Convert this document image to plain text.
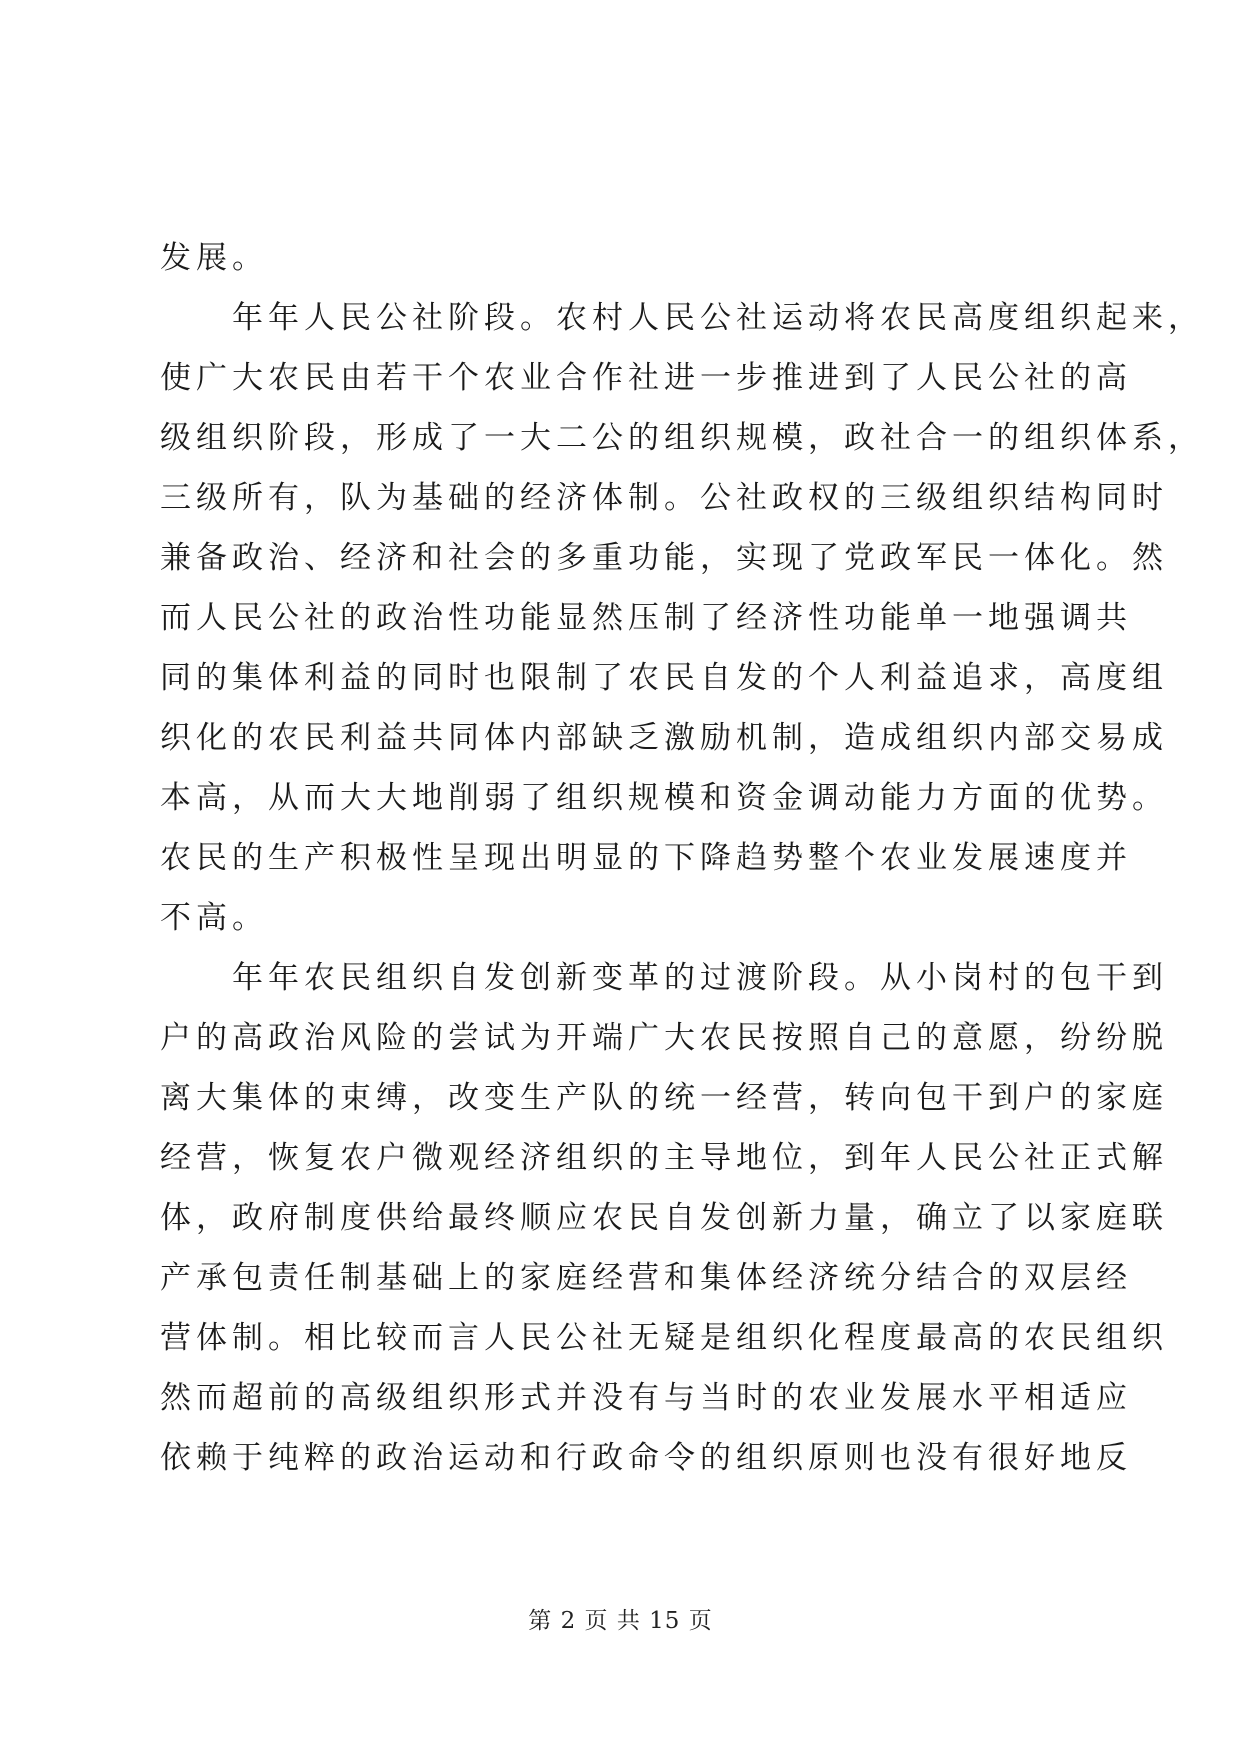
发展。
年年人民公社阶段。农村人民公社运动将农民高度组织起来，
使广大农民由若干个农业合作社进一步推进到了人民公社的高
级组织阶段，形成了一大二公的组织规模，政社合一的组织体系，
三级所有，队为基础的经济体制。公社政权的三级组织结构同时
兼备政治、经济和社会的多重功能，实现了党政军民一体化。然
而人民公社的政治性功能显然压制了经济性功能单一地强调共
同的集体利益的同时也限制了农民自发的个人利益追求，高度组
织化的农民利益共同体内部缺乏激励机制，造成组织内部交易成
本高，从而大大地削弱了组织规模和资金调动能力方面的优势。
农民的生产积极性呈现出明显的下降趋势整个农业发展速度并
不高。
年年农民组织自发创新变革的过渡阶段。从小岗村的包干到
户的高政治风险的尝试为开端广大农民按照自己的意愿，纷纷脱
离大集体的束缚，改变生产队的统一经营，转向包干到户的家庭
经营，恢复农户微观经济组织的主导地位，到年人民公社正式解
体，政府制度供给最终顺应农民自发创新力量，确立了以家庭联
产承包责任制基础上的家庭经营和集体经济统分结合的双层经
营体制。相比较而言人民公社无疑是组织化程度最高的农民组织
然而超前的高级组织形式并没有与当时的农业发展水平相适应
依赖于纯粹的政治运动和行政命令的组织原则也没有很好地反
第 2 页 共 15 页
